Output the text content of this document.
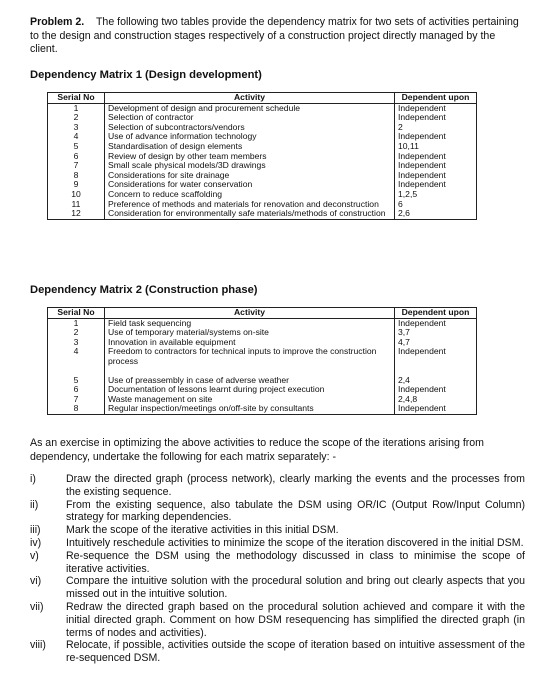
Problem 2. The following two tables provide the dependency matrix for two sets of activities pertaining to the design and construction stages respectively of a construction project directly managed by the client.
Dependency Matrix 1 (Design development)
Serial No	Activity	Dependent upon
1	Development of design and procurement schedule	Independent
2	Selection of contractor	Independent
3	Selection of subcontractors/vendors	2
4	Use of advance information technology	Independent
5	Standardisation of design elements	10,11
6	Review of design by other team members	Independent
7	Small scale physical models/3D drawings	Independent
8	Considerations for site drainage	Independent
9	Considerations for water conservation	Independent
10	Concern to reduce scaffolding	1,2,5
11	Preference of methods and materials for renovation and deconstruction	6
12	Consideration for environmentally safe materials/methods of construction	2,6
Dependency Matrix 2 (Construction phase)
Serial No	Activity	Dependent upon
1	Field task sequencing	Independent
2	Use of temporary material/systems on-site	3,7
3	Innovation in available equipment	4,7
4	Freedom to contractors for technical inputs to improve the construction process	Independent

5	Use of preassembly in case of adverse weather	2,4
6	Documentation of lessons learnt during project execution	Independent
7	Waste management on site	2,4,8
8	Regular inspection/meetings on/off-site by consultants	Independent
As an exercise in optimizing the above activities to reduce the scope of the iterations arising from dependency, undertake the following for each matrix separately: -
i)	Draw the directed graph (process network), clearly marking the events and the processes from the existing sequence.
ii)	From the existing sequence, also tabulate the DSM using OR/IC (Output Row/Input Column) strategy for marking dependencies.
iii)	Mark the scope of the iterative activities in this initial DSM.
iv)	Intuitively reschedule activities to minimize the scope of the iteration discovered in the initial DSM.
v)	Re-sequence the DSM using the methodology discussed in class to minimise the scope of iterative activities.
vi)	Compare the intuitive solution with the procedural solution and bring out clearly aspects that you missed out in the intuitive solution.
vii)	Redraw the directed graph based on the procedural solution achieved and compare it with the initial directed graph. Comment on how DSM resequencing has simplified the directed graph (in terms of nodes and activities).
viii)	Relocate, if possible, activities outside the scope of iteration based on intuitive assessment of the re-sequenced DSM.
